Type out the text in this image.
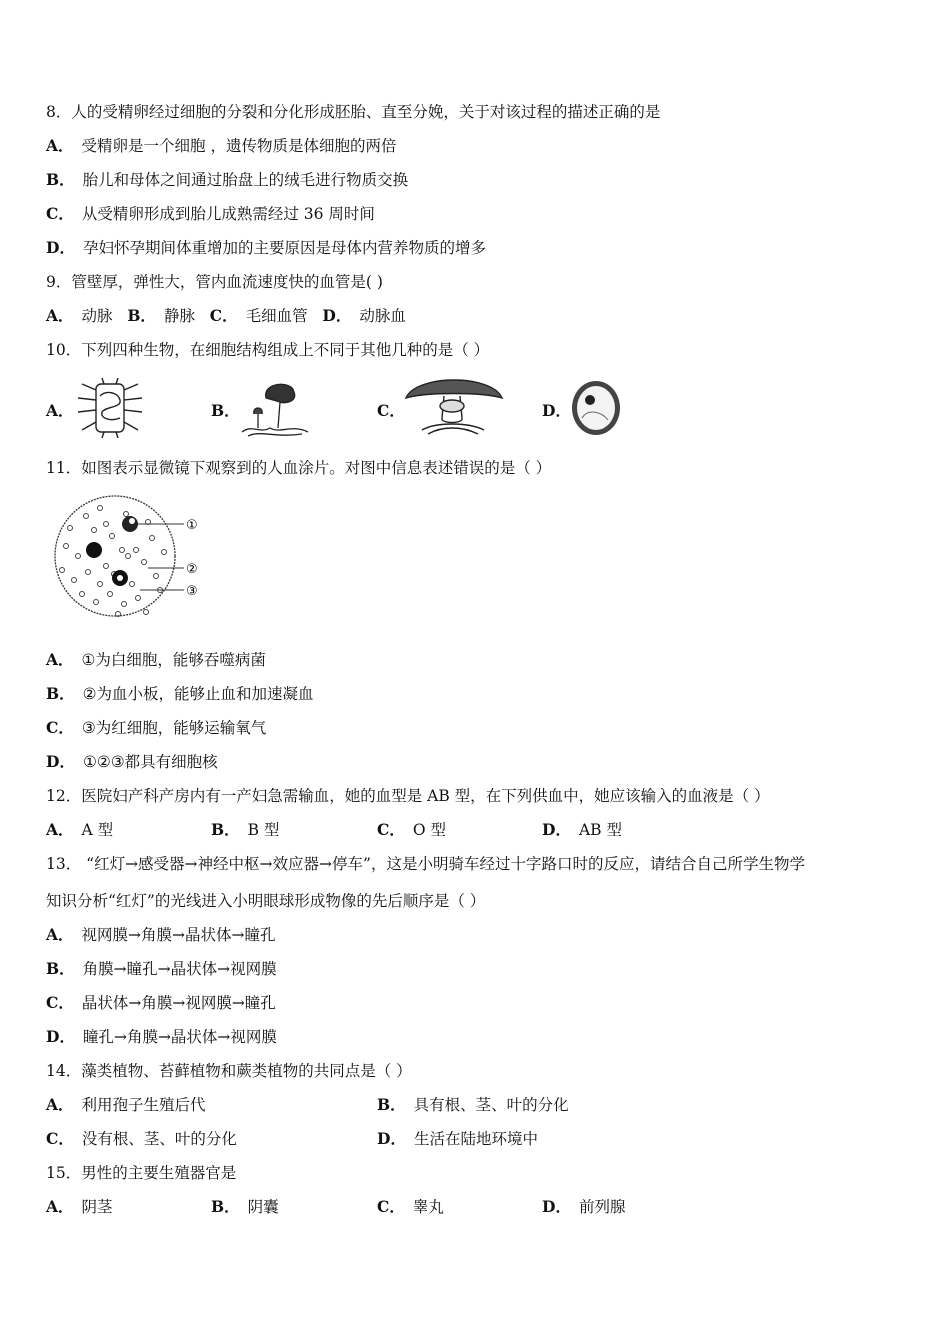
8．人的受精卵经过细胞的分裂和分化形成胚胎、直至分娩，关于对该过程的描述正确的是
A． 受精卵是一个细胞 ，遗传物质是体细胞的两倍
B． 胎儿和母体之间通过胎盘上的绒毛进行物质交换
C． 从受精卵形成到胎儿成熟需经过 36 周时间
D． 孕妇怀孕期间体重增加的主要原因是母体内营养物质的增多
9．管壁厚，弹性大，管内血流速度快的血管是( )
A． 动脉 B． 静脉 C． 毛细血管 D． 动脉血
10．下列四种生物，在细胞结构组成上不同于其他几种的是（ ）
A．	B．	C．	D．
11．如图表示显微镜下观察到的人血涂片。对图中信息表述错误的是（ ）
①
②
③
A． ①为白细胞，能够吞噬病菌
B． ②为血小板，能够止血和加速凝血
C． ③为红细胞，能够运输氧气
D． ①②③都具有细胞核
12．医院妇产科产房内有一产妇急需输血，她的血型是 AB 型，在下列供血中，她应该输入的血液是（ ）
A． A 型	B． B 型	C． O 型	D． AB 型
13． “红灯→感受器→神经中枢→效应器→停车”，这是小明骑车经过十字路口时的反应，请结合自己所学生物学
知识分析“红灯”的光线进入小明眼球形成物像的先后顺序是（ ）
A． 视网膜→角膜→晶状体→瞳孔
B． 角膜→瞳孔→晶状体→视网膜
C． 晶状体→角膜→视网膜→瞳孔
D． 瞳孔→角膜→晶状体→视网膜
14．藻类植物、苔藓植物和蕨类植物的共同点是（ ）
A． 利用孢子生殖后代	B． 具有根、茎、叶的分化
C． 没有根、茎、叶的分化	D． 生活在陆地环境中
15．男性的主要生殖器官是
A． 阴茎	B． 阴囊	C． 睾丸	D． 前列腺
